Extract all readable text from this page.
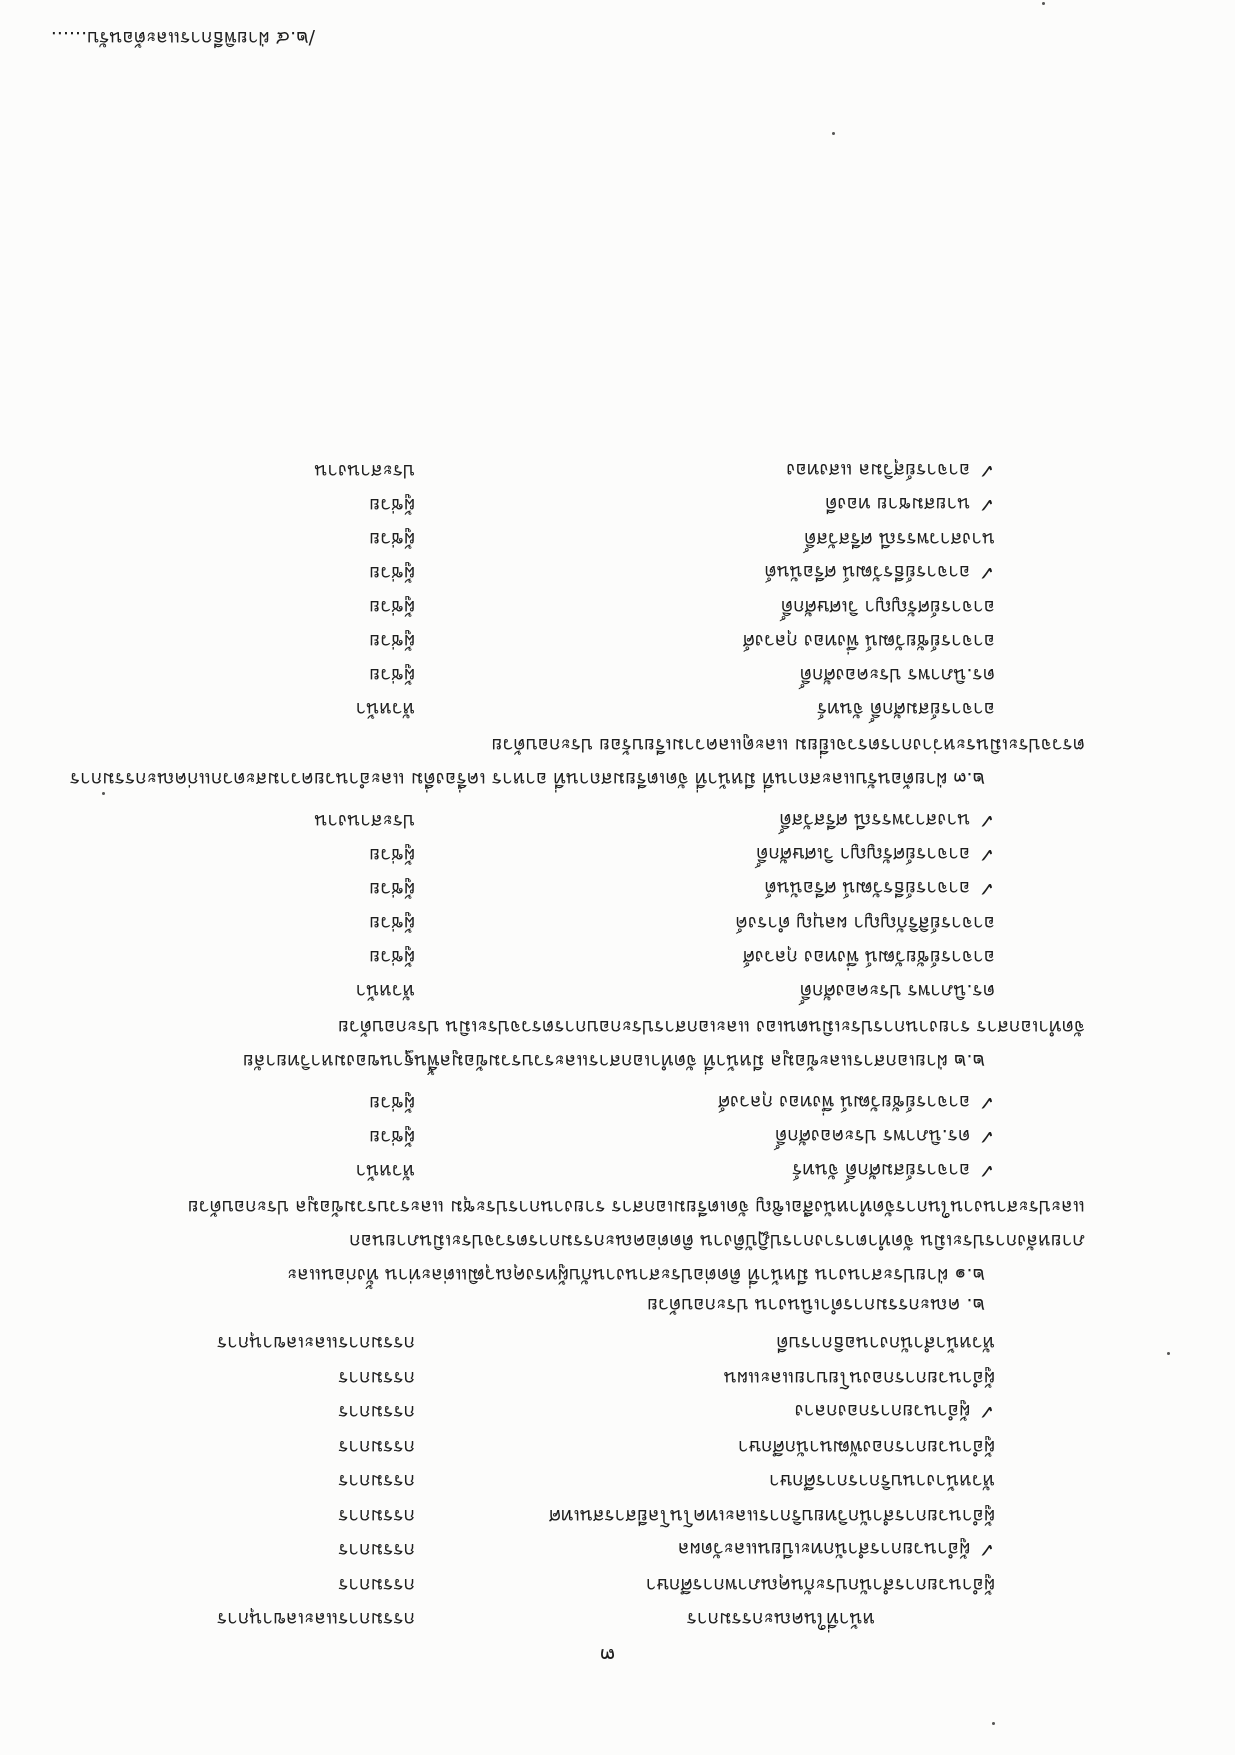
๓
หน้าที่ในคณะกรรมการ
กรรมการและเลขานุการ
ผู้อำนวยการสำนักประกันคุณภาพการศึกษา
กรรมการ
✓ผู้อำนวยการสำนักทะเบียนและวัดผล
กรรมการ
ผู้อำนวยการสำนักวิทยบริการและเทคโนโลยีสารสนเทศ
กรรมการ
หัวหน้างานบริการการศึกษา
กรรมการ
ผู้อำนวยการกองพัฒนานักศึกษา
กรรมการ
✓ผู้อำนวยการกองกลาง
กรรมการ
ผู้อำนวยการกองนโยบายและแผน
กรรมการ
หัวหน้าสำนักงานอธิการบดี
กรรมการและเลขานุการ
๒. คณะกรรมการดำเนินงาน ประกอบด้วย
๒.๑ ฝ่ายประสานงาน มีหน้าที่ ติดต่อประสานงานกับผู้ทรงคุณวุฒิแต่ละท่าน ทั้งก่อนและ
ภายหลังการประเมิน จัดทำตารางการปฏิบัติงาน ติดต่อคณะกรรมการตรวจประเมินภายนอก
และประสานงานในการจัดทำหนังสือเชิญ จัดเตรียมเอกสาร รายงานการประชุม และรวบรวมข้อมูล ประกอบด้วย
✓อาจารย์สมศักดิ์ จันทร์
หัวหน้า
✓ดร.นิภาพร ประคองศักดิ์
ผู้ช่วย
✓อาจารย์ชัยวัฒน์ พึ่งทอง กุลวงศ์
ผู้ช่วย
๒.๒ ฝ่ายเอกสารและข้อมูล มีหน้าที่ จัดทำเอกสารและรวบรวมข้อมูลพื้นฐานของมหาวิทยาลัย
จัดทำเอกสาร รายงานการประเมินตนเอง และเอกสารประกอบการตรวจประเมิน ประกอบด้วย
ดร.นิภาพร ประคองศักดิ์
หัวหน้า
อาจารย์ชัยวัฒน์ พึ่งทอง กุลวงศ์
ผู้ช่วย
อาจารย์สิริกัญญา ผลบุญ ดำรงค์
ผู้ช่วย
✓อาจารย์ธีรวัฒน์ ศรีอนันต์
ผู้ช่วย
✓อาจารย์ศรัญญา วิเศษศักดิ์
ผู้ช่วย
✓นางสาวพรรณี ศรีสวัสดิ์
ประสานงาน
๒.๓ ฝ่ายต้อนรับและสถานที่ มีหน้าที่ จัดเตรียมสถานที่ อาหาร เครื่องดื่ม และอำนวยความสะดวกแก่คณะกรรมการ
ตรวจประเมินระหว่างการตรวจเยี่ยม และดูแลความเรียบร้อย ประกอบด้วย
อาจารย์สมศักดิ์ จันทร์
หัวหน้า
ดร.นิภาพร ประคองศักดิ์
ผู้ช่วย
อาจารย์ชัยวัฒน์ พึ่งทอง กุลวงศ์
ผู้ช่วย
อาจารย์ศรัญญา วิเศษศักดิ์
ผู้ช่วย
✓อาจารย์ธีรวัฒน์ ศรีอนันต์
ผู้ช่วย
นางสาวพรรณี ศรีสวัสดิ์
ผู้ช่วย
✓นายสมชาย ทองดี
ผู้ช่วย
✓อาจารย์สุวิมล แสงทอง
ประสานงาน
/๒.๔ ฝ่ายพิธีการและต้อนรับ......
